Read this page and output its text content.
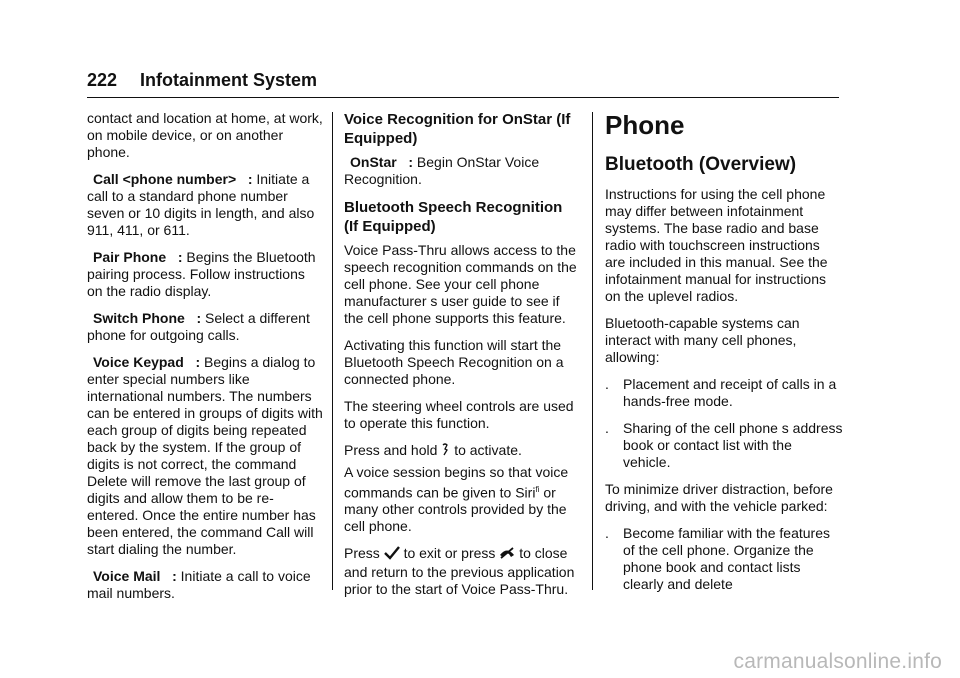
222 Infotainment System

contact and location at home, at work, on mobile device, or on another phone.

Call <phone number> : Initiate a call to a standard phone number seven or 10 digits in length, and also 911, 411, or 611.

Pair Phone : Begins the Bluetooth pairing process. Follow instructions on the radio display.

Switch Phone : Select a different phone for outgoing calls.

Voice Keypad : Begins a dialog to enter special numbers like international numbers. The numbers can be entered in groups of digits with each group of digits being repeated back by the system. If the group of digits is not correct, the command Delete will remove the last group of digits and allow them to be re-entered. Once the entire number has been entered, the command Call will start dialing the number.

Voice Mail : Initiate a call to voice mail numbers.

Voice Recognition for OnStar (If Equipped)

OnStar : Begin OnStar Voice Recognition.

Bluetooth Speech Recognition (If Equipped)

Voice Pass-Thru allows access to the speech recognition commands on the cell phone. See your cell phone manufacturer s user guide to see if the cell phone supports this feature.

Activating this function will start the Bluetooth Speech Recognition on a connected phone.

The steering wheel controls are used to operate this function.

Press and hold to activate.

A voice session begins so that voice commands can be given to Siri$^{fi}$ or many other controls provided by the cell phone.

Press to exit or press to close and return to the previous application prior to the start of Voice Pass-Thru.

Phone
Bluetooth (Overview)

Instructions for using the cell phone may differ between infotainment systems. The base radio and base radio with touchscreen instructions are included in this manual. See the infotainment manual for instructions on the uplevel radios.

Bluetooth-capable systems can interact with many cell phones, allowing:

. Placement and receipt of calls in a hands-free mode.
. Sharing of the cell phone s address book or contact list with the vehicle.

To minimize driver distraction, before driving, and with the vehicle parked:

. Become familiar with the features of the cell phone. Organize the phone book and contact lists clearly and delete
carmanualsonline.info
